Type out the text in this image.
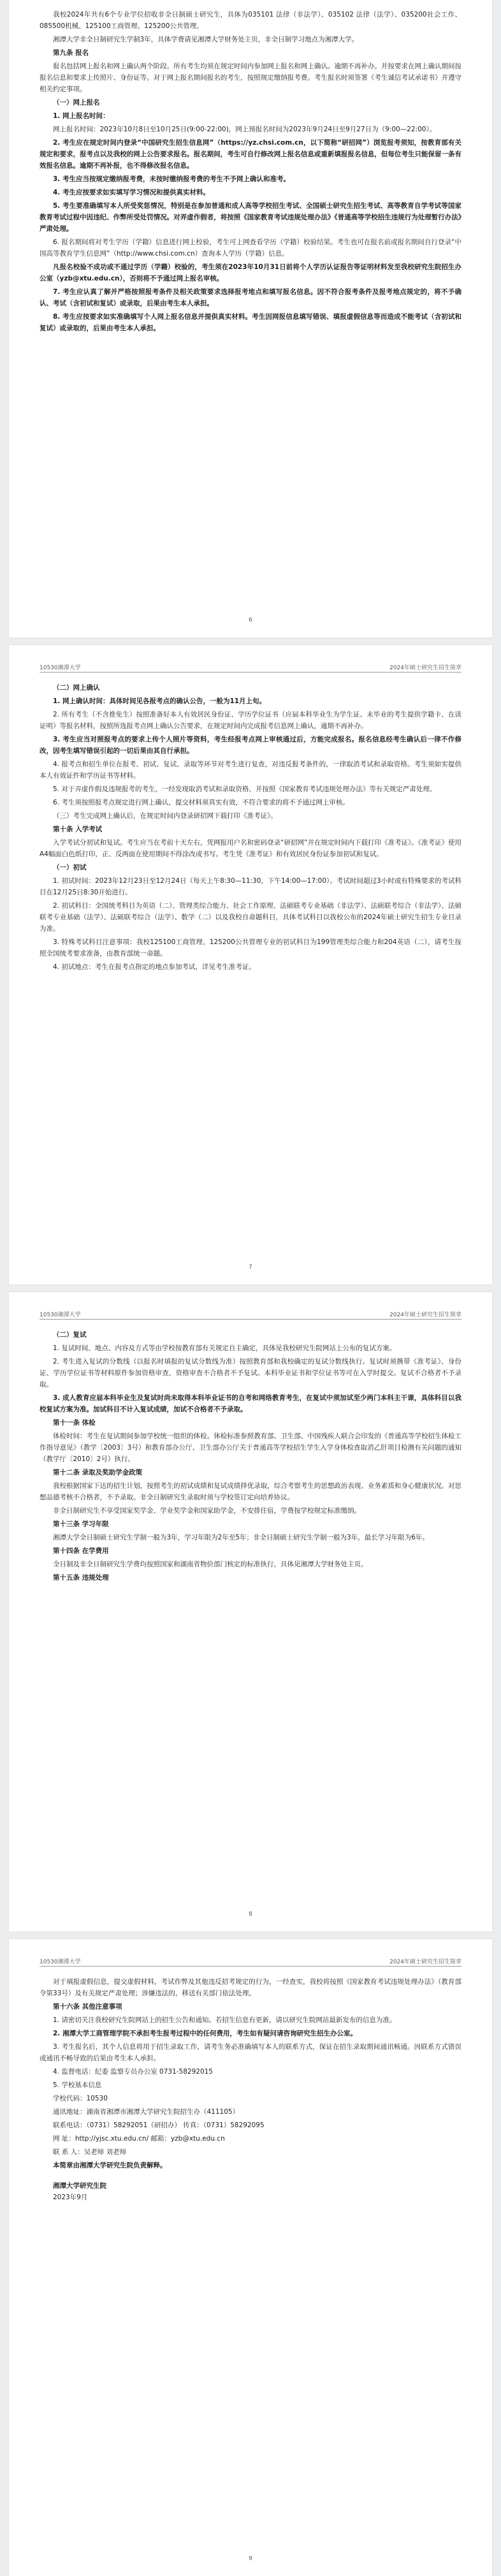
我校2024年共有6个专业学位招收非全日制硕士研究生，具体为035101 法律（非法学）、035102 法律（法学）、035200社会工作、085500机械、125100工商管理、125200公共管理。

湘潭大学非全日制研究生学制3年，具体学费请见湘潭大学财务处主页，非全日制学习地点为湘潭大学。

第九条 报名

报名包括网上报名和网上确认两个阶段。所有考生均须在规定时间内参加网上报名和网上确认。逾期不再补办。并按要求在网上确认期间按报名信息和要求上传照片、身份证等。对于网上报名期间报名的考生，按照规定缴纳报考费。考生报名时须签署《考生诚信考试承诺书》并遵守相关约定事项。

（一）网上报名

1. 网上报名时间：

网上报名时间：2023年10月8日至10月25日(9:00-22:00)，网上预报名时间为2023年9月24日至9月27日为（9:00—22:00）。

2. 考生应在规定时间内登录“中国研究生招生信息网”（https://yz.chsi.com.cn，以下简称“研招网”）浏览报考须知，按教育部有关规定和要求，报考点以及我校的网上公告要求报名。报名期间，考生可自行修改网上报名信息或重新填报报名信息，但每位考生只能保留一条有效报名信息。逾期不再补报，也不得修改报名信息。

3. 考生应当按规定缴纳报考费，未按时缴纳报考费的考生不予网上确认和准考。

4. 考生应按要求如实填写学习情况和提供真实材料。

5. 考生要准确填写本人所受奖惩情况，特别是在参加普通和成人高等学校招生考试、全国硕士研究生招生考试、高等教育自学考试等国家教育考试过程中因违纪、作弊所受处罚情况。对弄虚作假者，将按照《国家教育考试违规处理办法》《普通高等学校招生违规行为处理暂行办法》严肃处理。

6. 报名期间将对考生学历（学籍）信息进行网上校验，考生可上网查看学历（学籍）校验结果。考生也可在报名前或报名期间自行登录“中国高等教育学生信息网”（http://www.chsi.com.cn）查询本人学历（学籍）信息。

凡报名校验不成功或不通过学历（学籍）校验的，考生须在2023年10月31日前将个人学历认证报告等证明材料发至我校研究生院招生办公室（yzb@xtu.edu.cn），否则将不予通过网上报名审核。

7. 考生应认真了解并严格按照报考条件及相关政策要求选择报考地点和填写报名信息。因不符合报考条件及报考地点规定的，将不予确认、考试（含初试和复试）或录取，后果由考生本人承担。

8. 考生应按要求如实准确填写个人网上报名信息并提供真实材料。考生因网报信息填写错误、填报虚假信息等而造成不能考试（含初试和复试）或录取的，后果由考生本人承担。

6
10530湘潭大学	2024年硕士研究生招生简章

（二）网上确认

1. 网上确认时间：具体时间见各报考点的确认公告，一般为11月上旬。

2. 所有考生（不含推免生）按照准备好本人有效居民身份证、学历学位证书（应届本科毕业生为学生证、未毕业的考生提供学籍卡、在读证明）等报名材料，按照所选报考点网上确认公告要求，在规定时间内完成报考信息网上确认，逾期不再补办。

3. 考生应当对照报考点的要求上传个人照片等资料，考生经报考点网上审核通过后，方能完成报名。报名信息经考生确认后一律不作修改，因考生填写错误引起的一切后果由其自行承担。

4. 报考点和招生单位在报考、初试、复试、录取等环节对考生进行复查，对违反报考条件的，一律取消考试和录取资格。考生须如实提供本人有效证件和学历证书等材料。

5. 对于弄虚作假及违规报考的考生，一经发现取消考试和录取资格，并按照《国家教育考试违规处理办法》等有关规定严肃处理。

6. 考生须按照报考点规定进行网上确认，提交材料须真实有效，不符合要求的将不予通过网上审核。

（三）考生完成网上确认后，在规定时间内登录研招网下载打印《准考证》。

第十条 入学考试

入学考试分初试和复试。考生应当在考前十天左右，凭网报用户名和密码登录“研招网”并在规定时间内下载打印《准考证》。《准考证》使用A4幅面白色纸打印，正、反两面在使用期间不得涂改或书写。考生凭《准考证》和有效居民身份证参加初试和复试。

（一）初试

1. 初试时间：2023年12月23日至12月24日（每天上午8:30—11:30，下午14:00—17:00）。考试时间超过3小时或有特殊要求的考试科目在12月25日8:30开始进行。

2. 初试科目：全国统考科目为英语（二）、管理类综合能力、社会工作原理、法硕联考专业基础（非法学）、法硕联考综合（非法学）、法硕联考专业基础（法学）、法硕联考综合（法学）、数学（二）以及我校自命题科目，具体考试科目以我校公布的2024年硕士研究生招生专业目录为准。

3. 特殊考试科目注意事项：我校125100工商管理、125200公共管理专业的初试科目为199管理类综合能力和204英语（二），请考生按照全国统考要求准备，由教育部统一命题。

4. 初试地点：考生在报考点指定的地点参加考试，详见考生准考证。

7
10530湘潭大学	2024年硕士研究生招生简章

（二）复试

1. 复试时间、地点、内容及方式等由学校按教育部有关规定自主确定，具体见我校研究生院网站上公布的复试方案。

2. 考生进入复试的分数线（以报名时填报的复试分数线为准）按照教育部和我校确定的复试分数线执行。复试时须携带《准考证》、身份证、学历学位证书等材料原件参加资格审查，资格审查不合格者不予复试。本科毕业证书和学位证书等可在入学时提交。复试不合格者不予录取。

3. 成人教育应届本科毕业生及复试时尚未取得本科毕业证书的自考和网络教育考生，在复试中须加试至少两门本科主干课，具体科目以我校复试方案为准。加试科目不计入复试成绩，加试不合格者不予录取。

第十一条 体检

体检时间：考生在复试期间参加学校统一组织的体检。体检标准参照教育部、卫生部、中国残疾人联合会印发的《普通高等学校招生体检工作指导意见》（教学〔2003〕3号）和教育部办公厅、卫生部办公厅关于普通高等学校招生学生入学身体检查取消乙肝项目检测有关问题的通知（教学厅〔2010〕2号）执行。

第十二条 录取及奖助学金政策

我校根据国家下达的招生计划，按照考生的初试成绩和复试成绩择优录取，综合考察考生的思想政治表现、业务素质和身心健康状况。对思想品德考核不合格者，不予录取。非全日制研究生录取时须与学校签订定向培养协议。

非全日制研究生不享受国家奖学金、学业奖学金和国家助学金，不安排住宿，学费按学校规定标准缴纳。

第十三条 学习年限

湘潭大学全日制硕士研究生学制一般为3年，学习年限为2年至5年；非全日制硕士研究生学制一般为3年，最长学习年限为6年。

第十四条 在学费用

全日制及非全日制研究生学费均按照国家和湖南省物价部门核定的标准执行，具体见湘潭大学财务处主页。

第十五条 违规处理

8
10530湘潭大学	2024年硕士研究生招生简章

对于填报虚假信息，提交虚假材料，考试作弊及其他违反招考规定的行为，一经查实，我校将按照《国家教育考试违规处理办法》（教育部令第33号）及有关规定严肃处理；涉嫌违法的，移送有关部门依法处理。

第十六条 其他注意事项

1. 请密切关注我校研究生院网站上的招生公告和通知。若招生信息有更新，请以研究生院网站最新发布的信息为准。

2. 湘潭大学工商管理学院不承担考生报考过程中的任何费用，考生如有疑问请咨询研究生招生办公室。

3. 考生报名后，其个人信息将用于招生录取工作，请考生务必准确填写本人的联系方式，保证在招生录取期间通讯畅通。因联系方式错误或通讯不畅导致的后果由考生本人承担。

4. 监督电话：纪委 监察专员办公室 0731-58292015

5. 学校基本信息

学校代码：10530

通讯地址：湖南省湘潭市湘潭大学研究生院招生办（411105）

联系电话：（0731）58292051（研招办） 传真：（0731）58292095

网 址：http://yjsc.xtu.edu.cn/ 邮箱：yzb@xtu.edu.cn

联 系 人：吴老师 刘老师

本简章由湘潭大学研究生院负责解释。

湘潭大学研究生院

2023年9月

9
